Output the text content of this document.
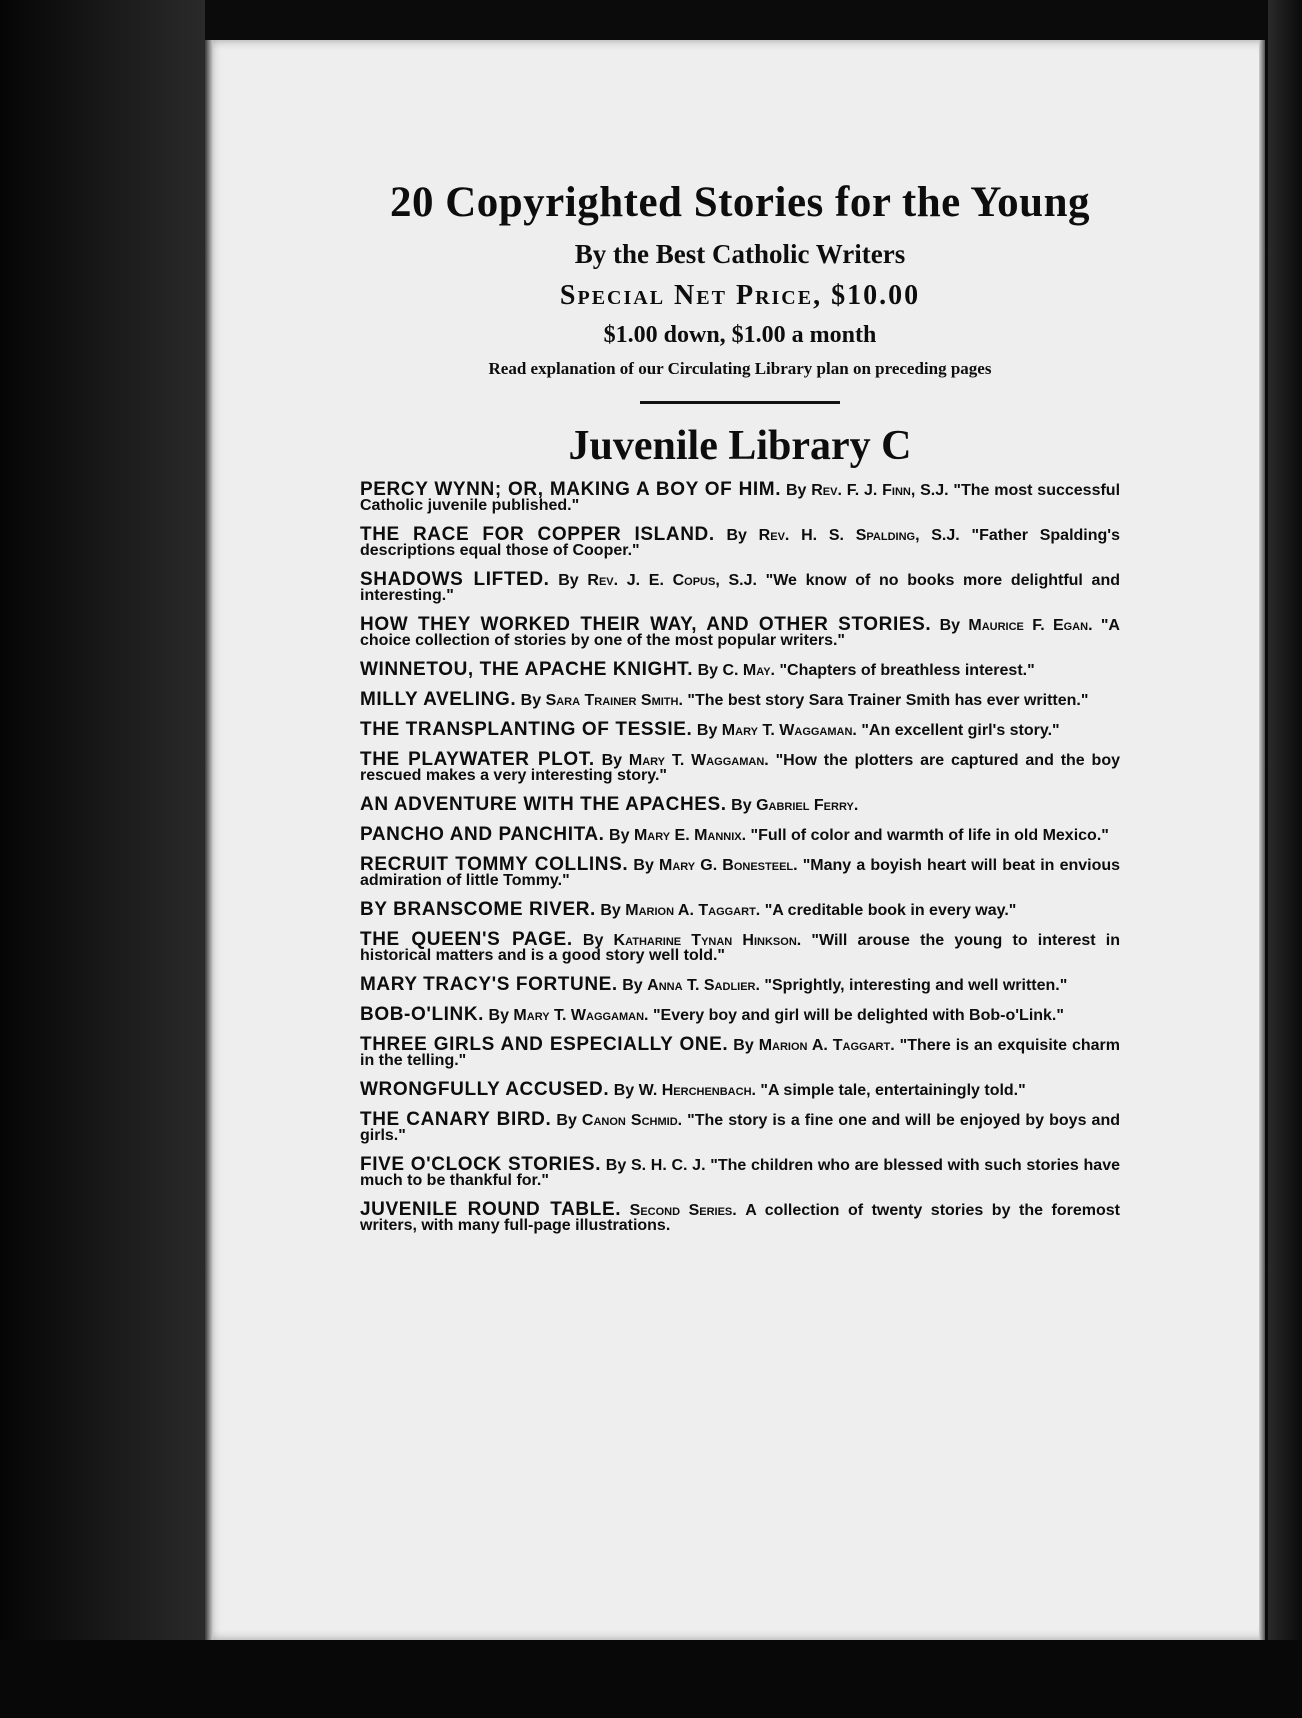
20 Copyrighted Stories for the Young
By the Best Catholic Writers
Special Net Price, $10.00
$1.00 down, $1.00 a month
Read explanation of our Circulating Library plan on preceding pages
Juvenile Library C
PERCY WYNN; OR, MAKING A BOY OF HIM. By Rev. F. J. Finn, S.J. "The most successful Catholic juvenile published."
THE RACE FOR COPPER ISLAND. By Rev. H. S. Spalding, S.J. "Father Spalding's descriptions equal those of Cooper."
SHADOWS LIFTED. By Rev. J. E. Copus, S.J. "We know of no books more delightful and interesting."
HOW THEY WORKED THEIR WAY, AND OTHER STORIES. By Maurice F. Egan. "A choice collection of stories by one of the most popular writers."
WINNETOU, THE APACHE KNIGHT. By C. May. "Chapters of breathless interest."
MILLY AVELING. By Sara Trainer Smith. "The best story Sara Trainer Smith has ever written."
THE TRANSPLANTING OF TESSIE. By Mary T. Waggaman. "An excellent girl's story."
THE PLAYWATER PLOT. By Mary T. Waggaman. "How the plotters are captured and the boy rescued makes a very interesting story."
AN ADVENTURE WITH THE APACHES. By Gabriel Ferry.
PANCHO AND PANCHITA. By Mary E. Mannix. "Full of color and warmth of life in old Mexico."
RECRUIT TOMMY COLLINS. By Mary G. Bonesteel. "Many a boyish heart will beat in envious admiration of little Tommy."
BY BRANSCOME RIVER. By Marion A. Taggart. "A creditable book in every way."
THE QUEEN'S PAGE. By Katharine Tynan Hinkson. "Will arouse the young to interest in historical matters and is a good story well told."
MARY TRACY'S FORTUNE. By Anna T. Sadlier. "Sprightly, interesting and well written."
BOB-O'LINK. By Mary T. Waggaman. "Every boy and girl will be delighted with Bob-o'Link."
THREE GIRLS AND ESPECIALLY ONE. By Marion A. Taggart. "There is an exquisite charm in the telling."
WRONGFULLY ACCUSED. By W. Herchenbach. "A simple tale, entertainingly told."
THE CANARY BIRD. By Canon Schmid. "The story is a fine one and will be enjoyed by boys and girls."
FIVE O'CLOCK STORIES. By S. H. C. J. "The children who are blessed with such stories have much to be thankful for."
JUVENILE ROUND TABLE. Second Series. A collection of twenty stories by the foremost writers, with many full-page illustrations.
